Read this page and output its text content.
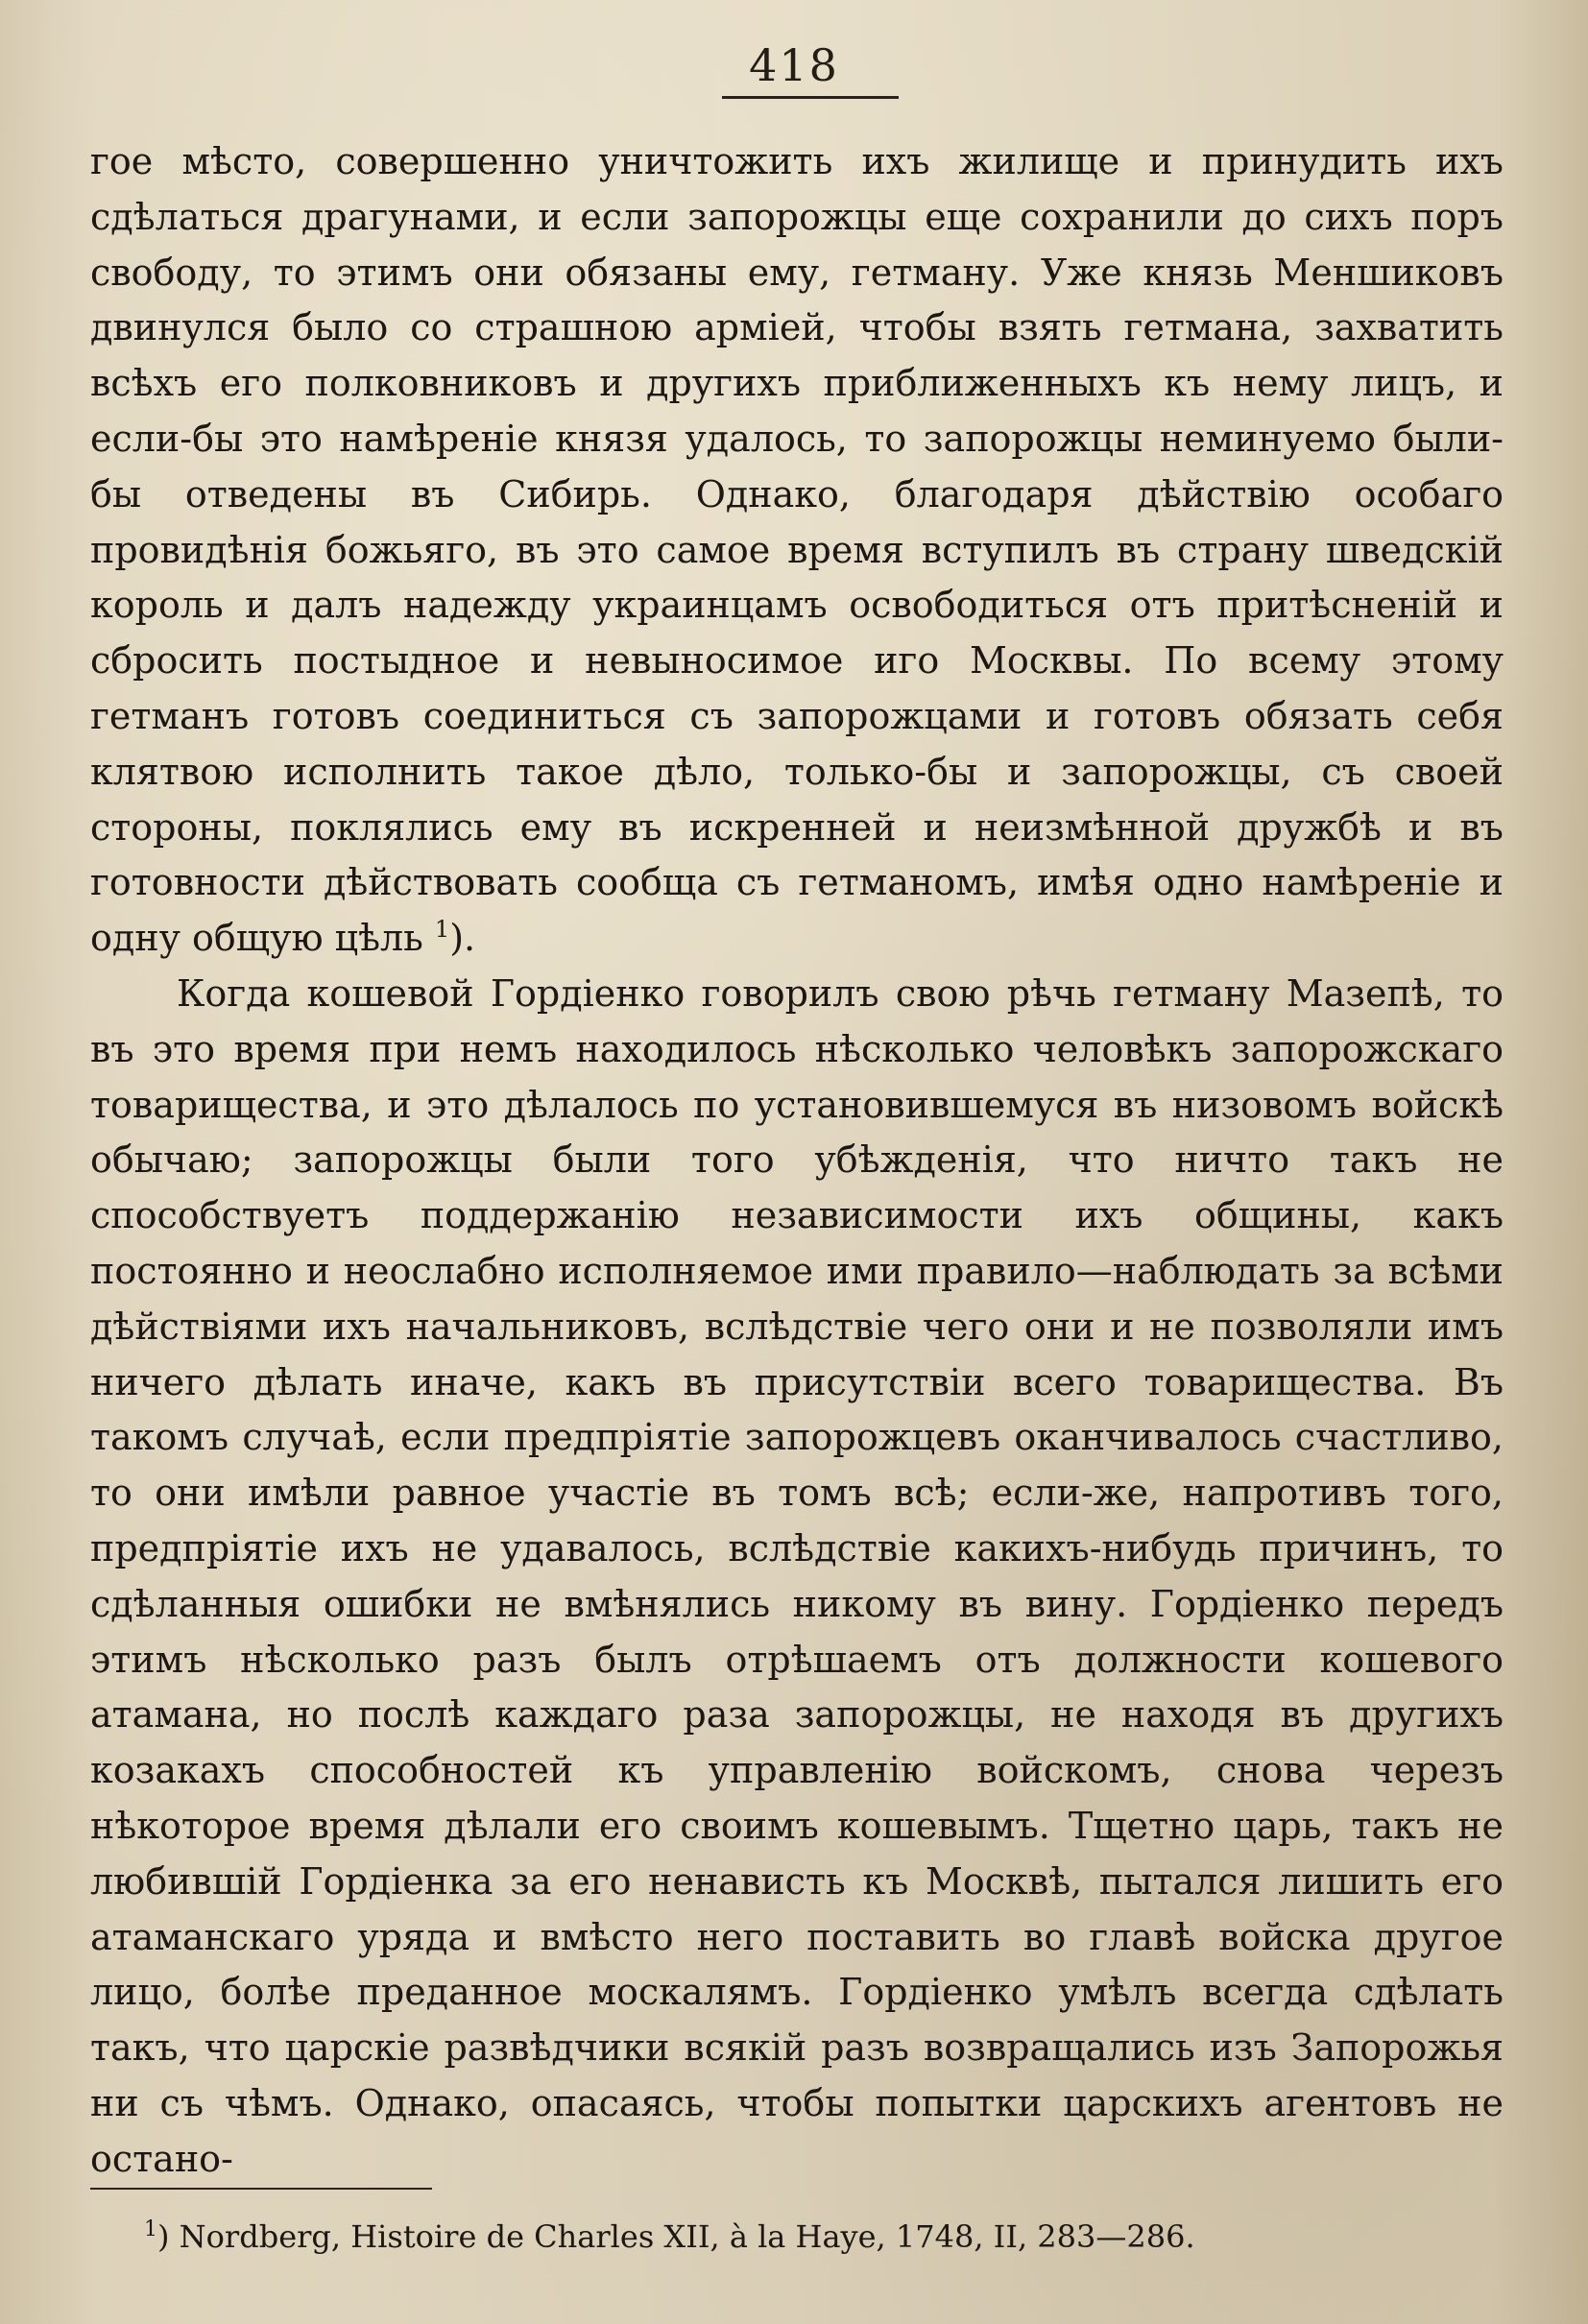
418

гое мѣсто, совершенно уничтожить ихъ жилище и принудить ихъ сдѣлаться драгунами, и если запорожцы еще сохранили до сихъ поръ свободу, то этимъ они обязаны ему, гетману. Уже князь Меншиковъ двинулся было со страшною арміей, чтобы взять гетмана, захватить всѣхъ его полковниковъ и другихъ приближенныхъ къ нему лицъ, и если-бы это намѣреніе князя удалось, то запорожцы неминуемо были-бы отведены въ Сибирь. Однако, благодаря дѣйствію особаго провидѣнія божьяго, въ это самое время вступилъ въ страну шведскій король и далъ надежду украинцамъ освободиться отъ притѣсненій и сбросить постыдное и невыносимое иго Москвы. По всему этому гетманъ готовъ соединиться съ запорожцами и готовъ обязать себя клятвою исполнить такое дѣло, только-бы и запорожцы, съ своей стороны, поклялись ему въ искренней и неизмѣнной дружбѣ и въ готовности дѣйствовать сообща съ гетманомъ, имѣя одно намѣреніе и одну общую цѣль $^1$).

Когда кошевой Гордіенко говорилъ свою рѣчь гетману Мазепѣ, то въ это время при немъ находилось нѣсколько человѣкъ запорожскаго товарищества, и это дѣлалось по установившемуся въ низовомъ войскѣ обычаю; запорожцы были того убѣжденія, что ничто такъ не способствуетъ поддержанію независимости ихъ общины, какъ постоянно и неослабно исполняемое ими правило—наблюдать за всѣми дѣйствіями ихъ начальниковъ, вслѣдствіе чего они и не позволяли имъ ничего дѣлать иначе, какъ въ присутствіи всего товарищества. Въ такомъ случаѣ, если предпріятіе запорожцевъ оканчивалось счастливо, то они имѣли равное участіе въ томъ всѣ; если-же, напротивъ того, предпріятіе ихъ не удавалось, вслѣдствіе какихъ-нибудь причинъ, то сдѣланныя ошибки не вмѣнялись никому въ вину. Гордіенко передъ этимъ нѣсколько разъ былъ отрѣшаемъ отъ должности кошевого атамана, но послѣ каждаго раза запорожцы, не находя въ другихъ козакахъ способностей къ управленію войскомъ, снова черезъ нѣкоторое время дѣлали его своимъ кошевымъ. Тщетно царь, такъ не любившій Гордіенка за его ненависть къ Москвѣ, пытался лишить его атаманскаго уряда и вмѣсто него поставить во главѣ войска другое лицо, болѣе преданное москалямъ. Гордіенко умѣлъ всегда сдѣлать такъ, что царскіе развѣдчики всякій разъ возвращались изъ Запорожья ни съ чѣмъ. Однако, опасаясь, чтобы попытки царскихъ агентовъ не остано-

$^1$) Nordberg, Histoire de Charles XII, à la Haye, 1748, II, 283—286.
